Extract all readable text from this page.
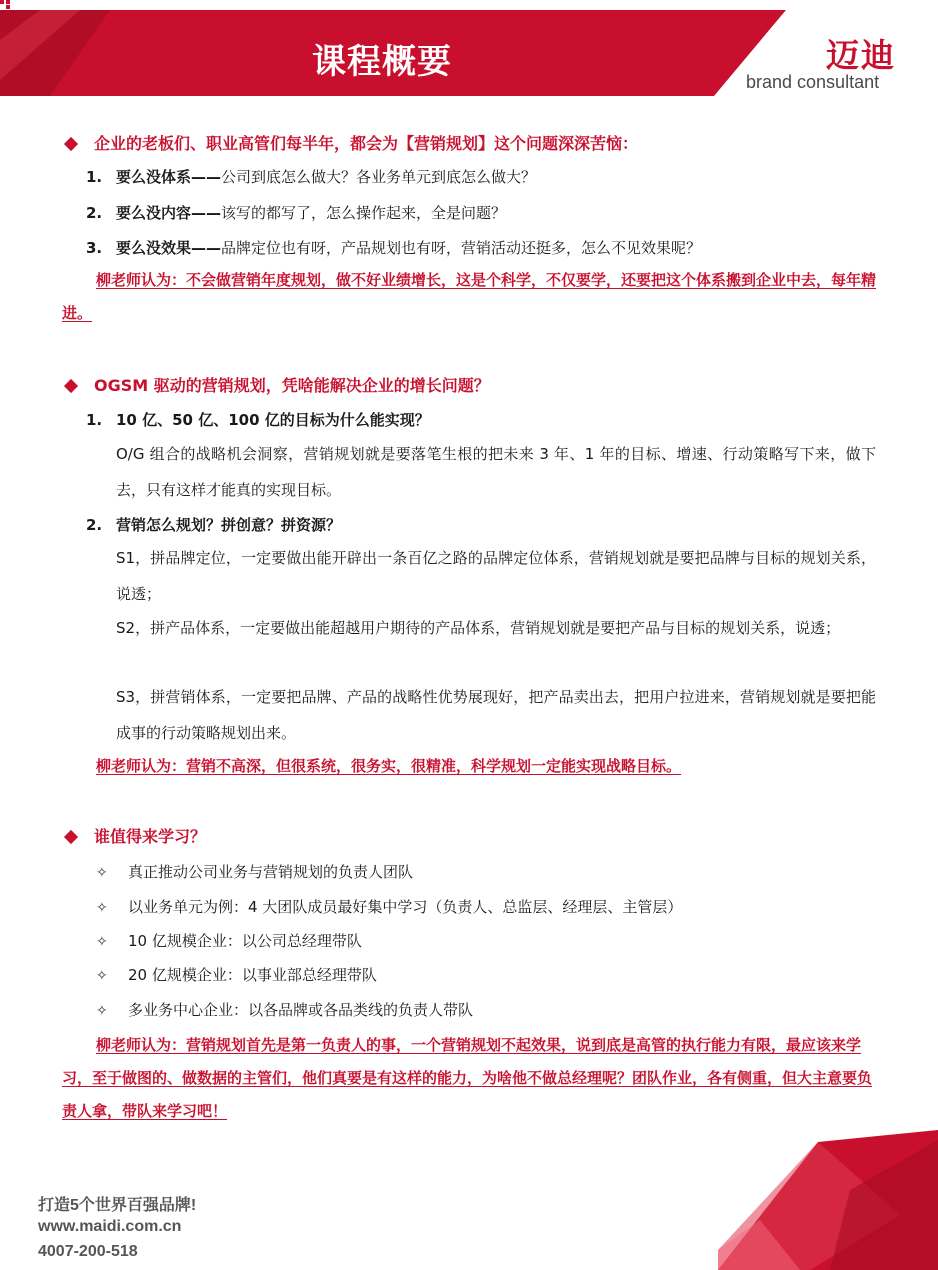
课程概要	迈迪
brand consultant
企业的老板们、职业高管们每半年，都会为【营销规划】这个问题深深苦恼：
1. 要么没体系——公司到底怎么做大？各业务单元到底怎么做大？
2. 要么没内容——该写的都写了，怎么操作起来，全是问题？
3. 要么没效果——品牌定位也有呀，产品规划也有呀，营销活动还挺多，怎么不见效果呢？
柳老师认为：不会做营销年度规划，做不好业绩增长，这是个科学，不仅要学，还要把这个体系搬到企业中去，每年精进。
OGSM 驱动的营销规划，凭啥能解决企业的增长问题？
1. 10 亿、50 亿、100 亿的目标为什么能实现？
O/G 组合的战略机会洞察，营销规划就是要落笔生根的把未来 3 年、1 年的目标、增速、行动策略写下来，做下去，只有这样才能真的实现目标。
2. 营销怎么规划？拼创意？拼资源？
S1，拼品牌定位，一定要做出能开辟出一条百亿之路的品牌定位体系，营销规划就是要把品牌与目标的规划关系，说透；
S2，拼产品体系，一定要做出能超越用户期待的产品体系，营销规划就是要把产品与目标的规划关系，说透；
S3，拼营销体系，一定要把品牌、产品的战略性优势展现好，把产品卖出去，把用户拉进来，营销规划就是要把能成事的行动策略规划出来。
柳老师认为：营销不高深，但很系统，很务实，很精准，科学规划一定能实现战略目标。
谁值得来学习？
✧ 真正推动公司业务与营销规划的负责人团队
✧ 以业务单元为例：4 大团队成员最好集中学习（负责人、总监层、经理层、主管层）
✧ 10 亿规模企业：以公司总经理带队
✧ 20 亿规模企业：以事业部总经理带队
✧ 多业务中心企业：以各品牌或各品类线的负责人带队
柳老师认为：营销规划首先是第一负责人的事，一个营销规划不起效果，说到底是高管的执行能力有限，最应该来学习，至于做图的、做数据的主管们，他们真要是有这样的能力，为啥他不做总经理呢？团队作业，各有侧重，但大主意要负责人拿，带队来学习吧！
打造5个世界百强品牌!
www.maidi.com.cn
4007-200-518
